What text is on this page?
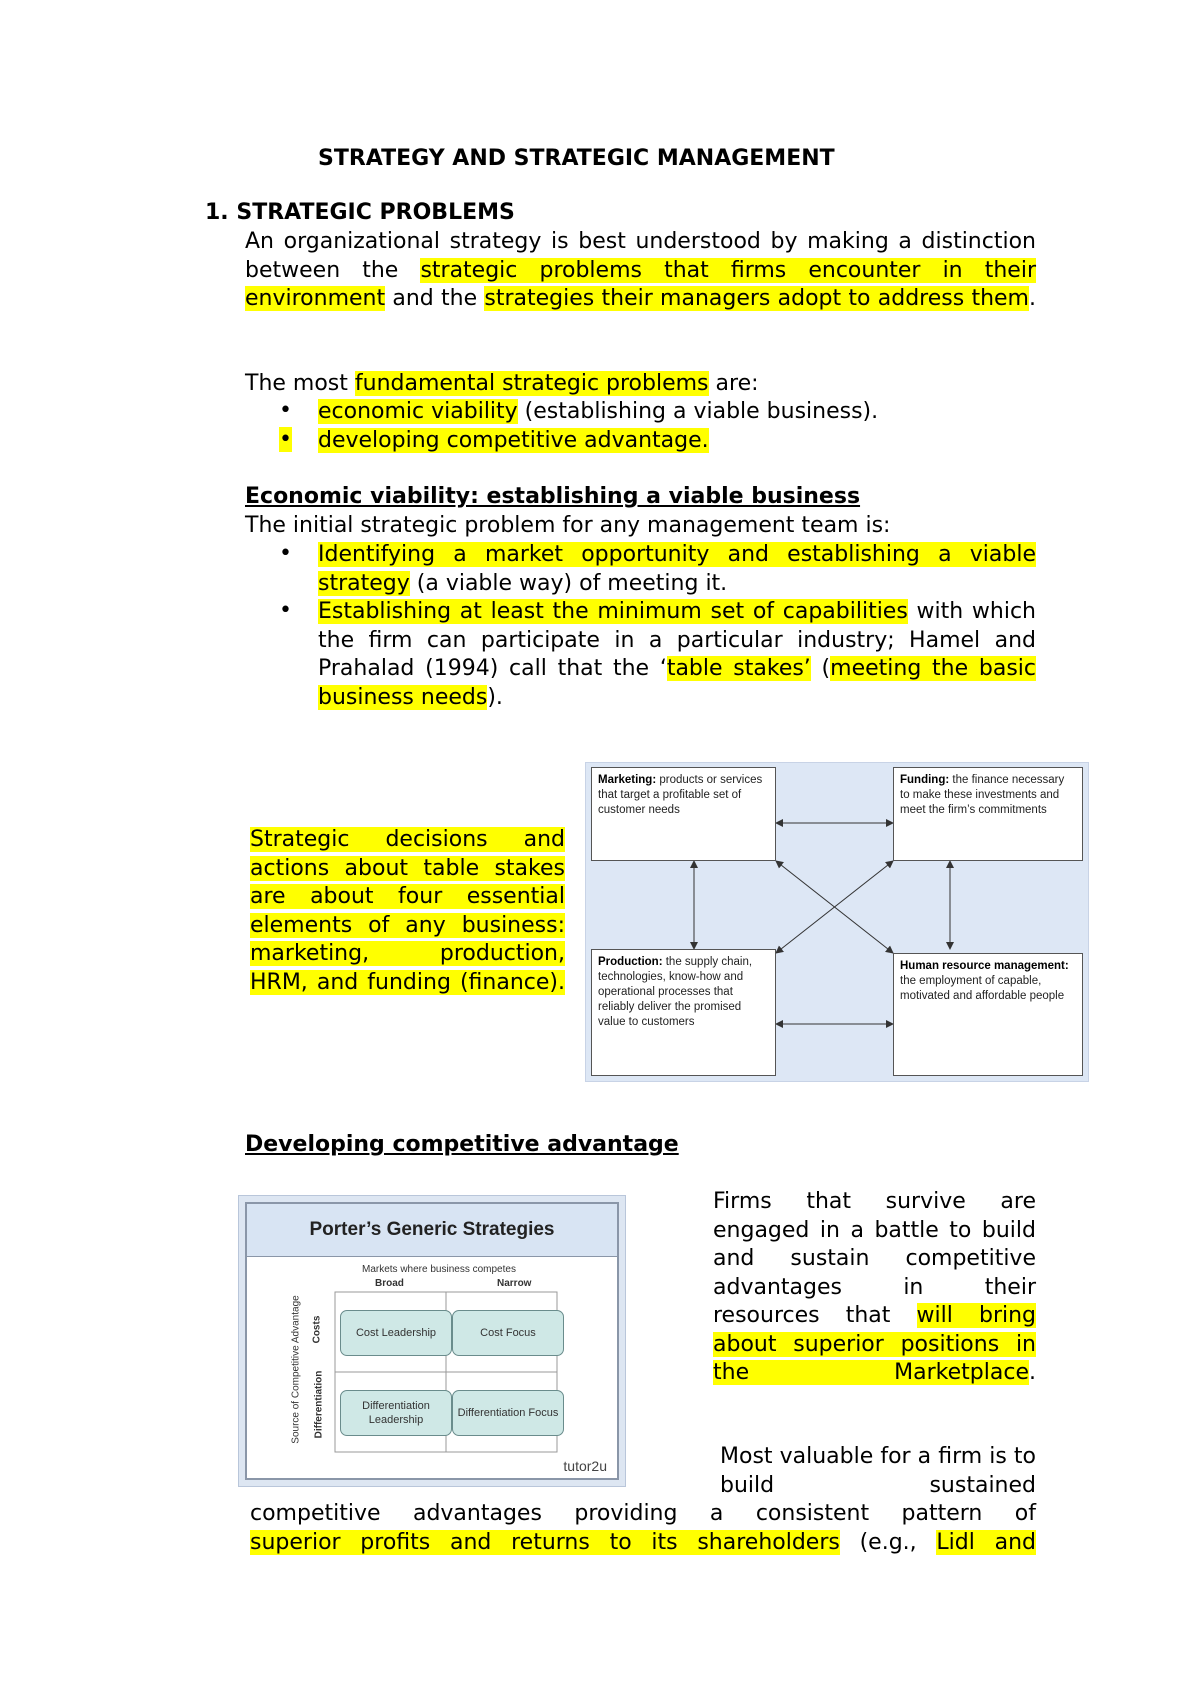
STRATEGY AND STRATEGIC MANAGEMENT
1. STRATEGIC PROBLEMS
An organizational strategy is best understood by making a distinction between the strategic problems that firms encounter in their environment and the strategies their managers adopt to address them.
The most fundamental strategic problems are:
• economic viability (establishing a viable business).
• developing competitive advantage.
Economic viability: establishing a viable business
The initial strategic problem for any management team is:
• Identifying a market opportunity and establishing a viable strategy (a viable way) of meeting it.
• Establishing at least the minimum set of capabilities with which the firm can participate in a particular industry; Hamel and Prahalad (1994) call that the ‘table stakes’ (meeting the basic business needs).
Strategic decisions and actions about table stakes are about four essential elements of any business: marketing, production, HRM, and funding (finance).
Marketing: products or services that target a profitable set of customer needs
Funding: the finance necessary to make these investments and meet the firm’s commitments
Production: the supply chain, technologies, know-how and operational processes that reliably deliver the promised value to customers
Human resource management: the employment of capable, motivated and affordable people
Developing competitive advantage
Porter’s Generic Strategies
Markets where business competes
Broad	Narrow
Source of Competitive Advantage Costs
Differentiation
Cost Leadership	Cost Focus
Differentiation Leadership
Differentiation Focus
tutor2u
Firms that survive are engaged in a battle to build and sustain competitive advantages in their resources that will bring about superior positions in the Marketplace.
Most valuable for a firm is to build sustained
competitive advantages providing a consistent pattern of
superior profits and returns to its shareholders (e.g., Lidl and
